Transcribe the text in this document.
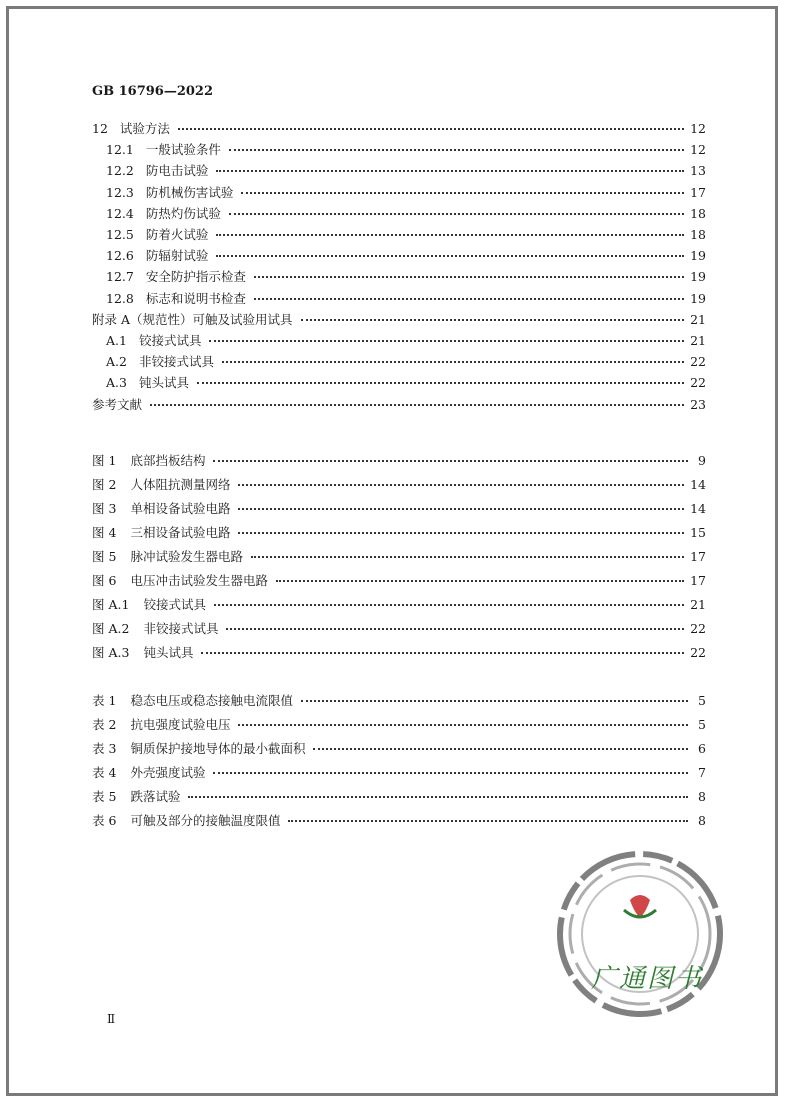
GB 16796—2022
12 试验方法	12
12.1 一般试验条件	12
12.2 防电击试验	13
12.3 防机械伤害试验	17
12.4 防热灼伤试验	18
12.5 防着火试验	18
12.6 防辐射试验	19
12.7 安全防护指示检查	19
12.8 标志和说明书检查	19
附录 A（规范性） 可触及试验用试具	21
A.1 铰接式试具	21
A.2 非铰接式试具	22
A.3 钝头试具	22
参考文献	23
图 1 底部挡板结构	9
图 2 人体阻抗测量网络	14
图 3 单相设备试验电路	14
图 4 三相设备试验电路	15
图 5 脉冲试验发生器电路	17
图 6 电压冲击试验发生器电路	17
图 A.1 铰接式试具	21
图 A.2 非铰接式试具	22
图 A.3 钝头试具	22
表 1 稳态电压或稳态接触电流限值	5
表 2 抗电强度试验电压	5
表 3 铜质保护接地导体的最小截面积	6
表 4 外壳强度试验	7
表 5 跌落试验	8
表 6 可触及部分的接触温度限值	8
Ⅱ
广通图书
